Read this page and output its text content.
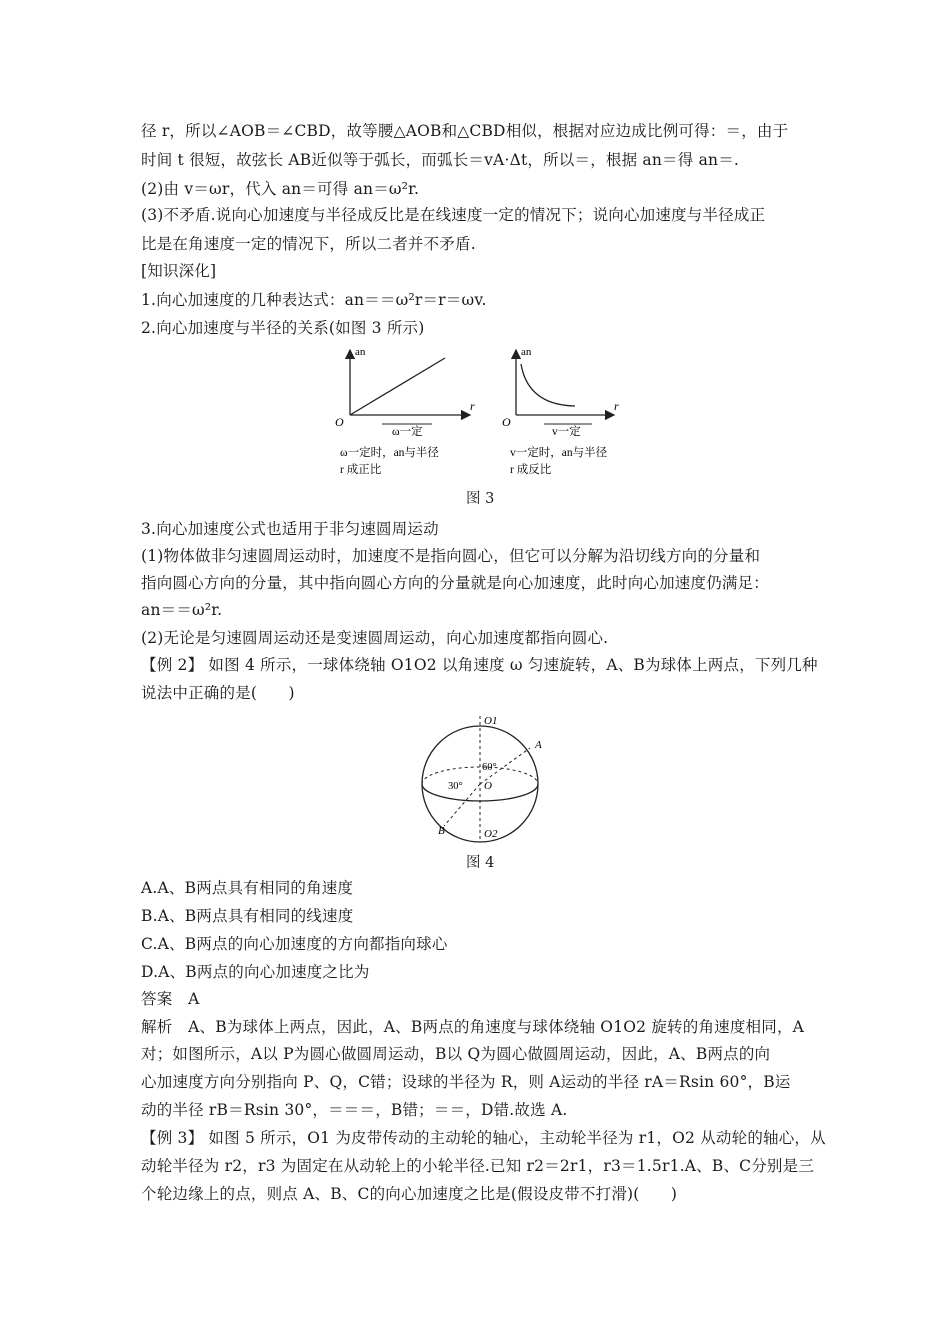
径 r，所以∠AOB＝∠CBD，故等腰△AOB和△CBD相似，根据对应边成比例可得：＝，由于
时间 t 很短，故弦长 AB近似等于弧长，而弧长＝vA·Δt，所以＝，根据 an＝得 an＝.
(2)由 v＝ωr，代入 an＝可得 an＝ω²r.
(3)不矛盾.说向心加速度与半径成反比是在线速度一定的情况下；说向心加速度与半径成正
比是在角速度一定的情况下，所以二者并不矛盾.
[知识深化]
1.向心加速度的几种表达式：an＝＝ω²r＝r＝ωv.
2.向心加速度与半径的关系(如图 3 所示)
an
r
O
ω一定
ω一定时，an与半径
r 成正比
an
r
O
v一定
v一定时，an与半径
r 成反比
图 3
3.向心加速度公式也适用于非匀速圆周运动
(1)物体做非匀速圆周运动时，加速度不是指向圆心，但它可以分解为沿切线方向的分量和
指向圆心方向的分量，其中指向圆心方向的分量就是向心加速度，此时向心加速度仍满足：
an＝＝ω²r.
(2)无论是匀速圆周运动还是变速圆周运动，向心加速度都指向圆心.
【例 2】 如图 4 所示，一球体绕轴 O1O2 以角速度 ω 匀速旋转，A、B为球体上两点，下列几种
说法中正确的是(　　)
O1
O2
O
A
B
60°
30°
图 4
A.A、B两点具有相同的角速度
B.A、B两点具有相同的线速度
C.A、B两点的向心加速度的方向都指向球心
D.A、B两点的向心加速度之比为
答案　A
解析　A、B为球体上两点，因此，A、B两点的角速度与球体绕轴 O1O2 旋转的角速度相同，A
对；如图所示，A以 P为圆心做圆周运动，B以 Q为圆心做圆周运动，因此，A、B两点的向
心加速度方向分别指向 P、Q，C错；设球的半径为 R，则 A运动的半径 rA＝Rsin 60°，B运
动的半径 rB＝Rsin 30°，＝＝＝，B错；＝＝，D错.故选 A.
【例 3】 如图 5 所示，O1 为皮带传动的主动轮的轴心，主动轮半径为 r1，O2 从动轮的轴心，从
动轮半径为 r2，r3 为固定在从动轮上的小轮半径.已知 r2＝2r1，r3＝1.5r1.A、B、C分别是三
个轮边缘上的点，则点 A、B、C的向心加速度之比是(假设皮带不打滑)(　　)
